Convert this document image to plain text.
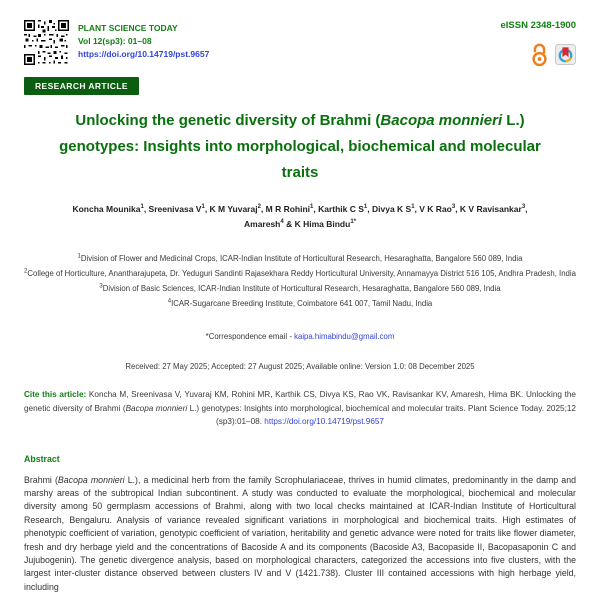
PLANT SCIENCE TODAY
Vol 12(sp3): 01–08
https://doi.org/10.14719/pst.9657
eISSN 2348-1900
RESEARCH ARTICLE
Unlocking the genetic diversity of Brahmi (Bacopa monnieri L.) genotypes: Insights into morphological, biochemical and molecular traits
Koncha Mounika$^1$, Sreenivasa $V^1$, K M Yuvaraj$^2$, M R Rohini$^1$, Karthik C $S^1$, Divya K $S^1$, V K Rao$^3$, K V Ravisankar$^3$,
Amaresh$^4$ & K Hima Bindu$^{1*}$
$^1$Division of Flower and Medicinal Crops, ICAR-Indian Institute of Horticultural Research, Hesaraghatta, Bangalore 560 089, India
$^2$College of Horticulture, Anantharajupeta, Dr. Yeduguri Sandinti Rajasekhara Reddy Horticultural University, Annamayya District 516 105, Andhra Pradesh, India
$^3$Division of Basic Sciences, ICAR-Indian Institute of Horticultural Research, Hesaraghatta, Bangalore 560 089, India
$^4$ICAR-Sugarcane Breeding Institute, Coimbatore 641 007, Tamil Nadu, India
*Correspondence email - kaipa.himabindu@gmail.com
Received: 27 May 2025; Accepted: 27 August 2025; Available online: Version 1.0: 08 December 2025
Cite this article: Koncha M, Sreenivasa V, Yuvaraj KM, Rohini MR, Karthik CS, Divya KS, Rao VK, Ravisankar KV, Amaresh, Hima BK. Unlocking the genetic diversity of Brahmi (Bacopa monnieri L.) genotypes: Insights into morphological, biochemical and molecular traits. Plant Science Today. 2025;12 (sp3):01–08. https://doi.org/10.14719/pst.9657
Abstract

Brahmi (Bacopa monnieri L.), a medicinal herb from the family Scrophulariaceae, thrives in humid climates, predominantly in the damp and marshy areas of the subtropical Indian subcontinent. A study was conducted to evaluate the morphological, biochemical and molecular diversity among 50 germplasm accessions of Brahmi, along with two local checks maintained at ICAR-Indian Institute of Horticultural Research, Bengaluru. Analysis of variance revealed significant variations in morphological and biochemical traits. High estimates of phenotypic coefficient of variation, genotypic coefficient of variation, heritability and genetic advance were noted for traits like flower diameter, fresh and dry herbage yield and the concentrations of Bacoside A and its components (Bacoside A3, Bacopaside II, Bacopasaponin C and Jujubogenin). The genetic divergence analysis, based on morphological characters, categorized the accessions into five clusters, with the largest inter-cluster distance observed between clusters IV and V (1421.738). Cluster III contained accessions with high herbage yield, including
